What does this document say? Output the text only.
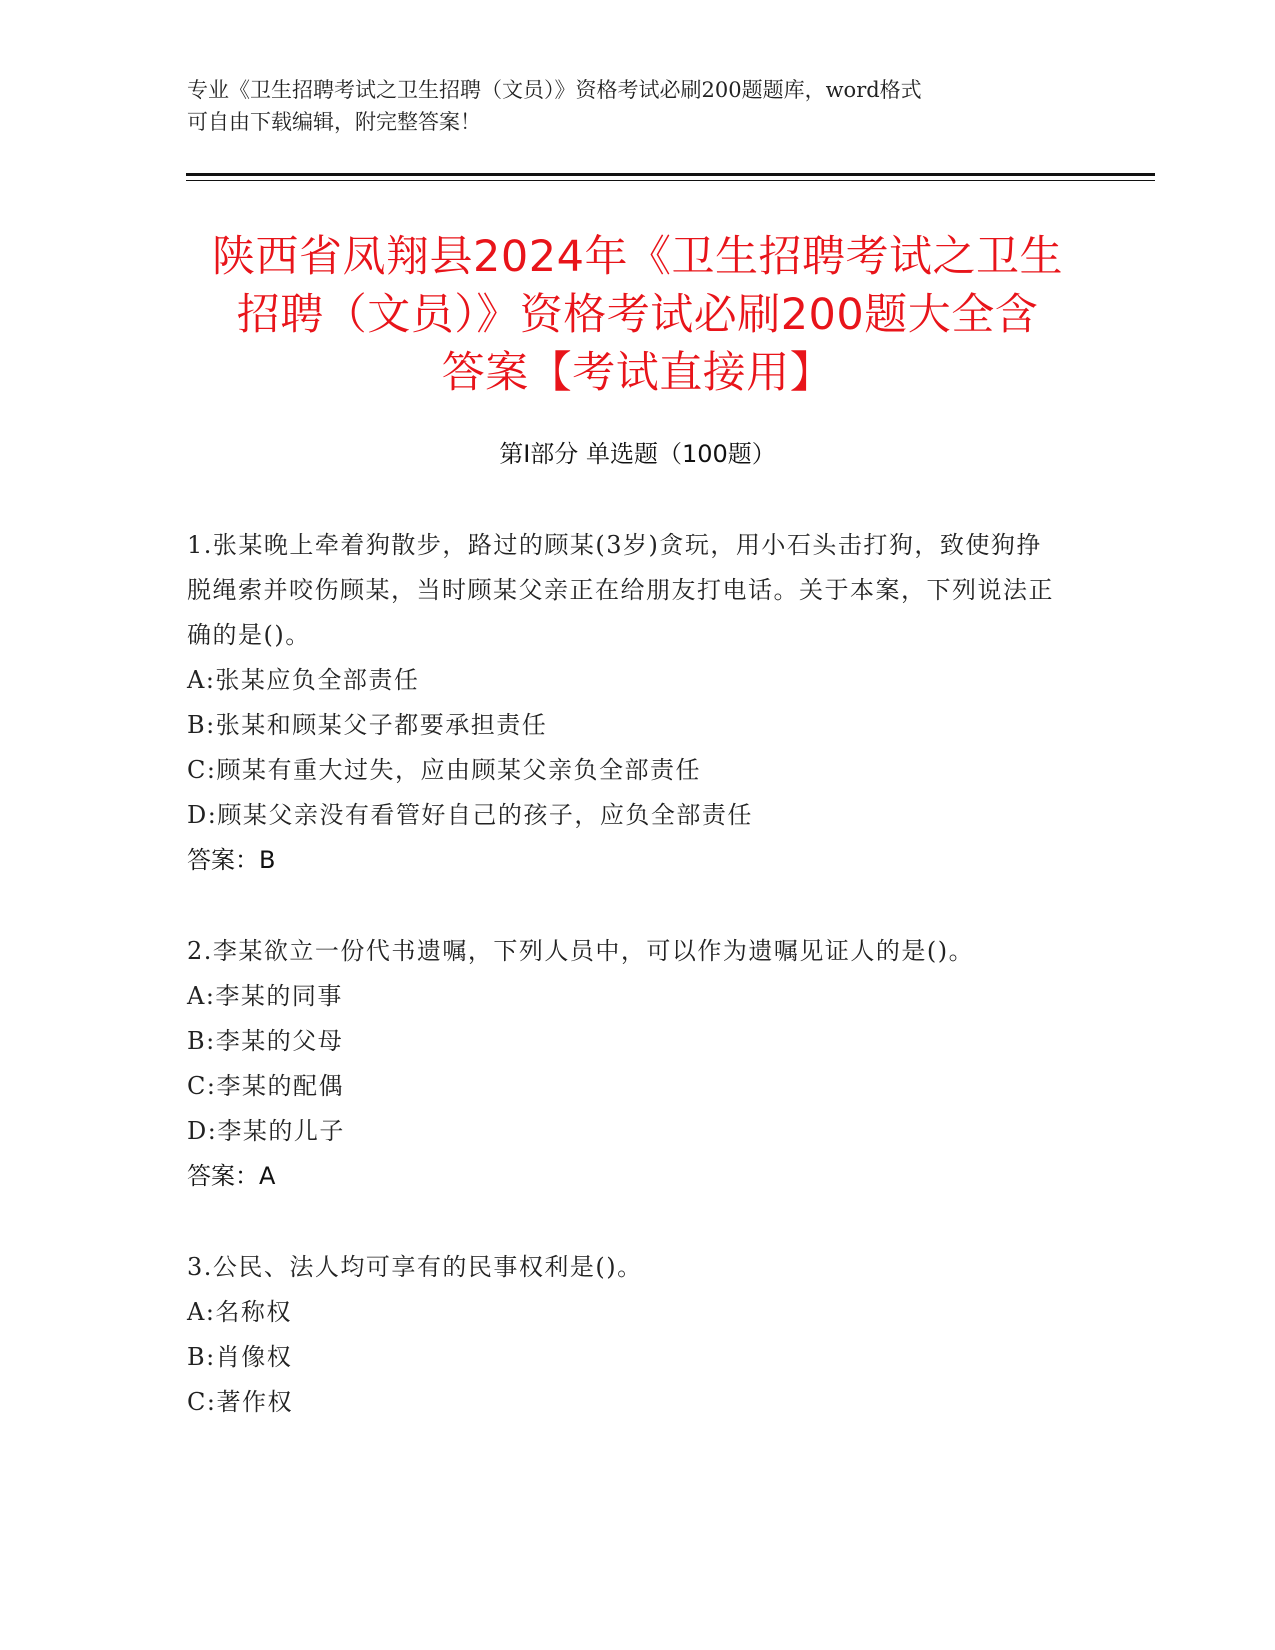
专业《卫生招聘考试之卫生招聘（文员）》资格考试必刷200题题库，word格式

可自由下载编辑，附完整答案！

陕西省凤翔县2024年《卫生招聘考试之卫生
招聘（文员）》资格考试必刷200题大全含
答案【考试直接用】
第I部分 单选题（100题）

1.张某晚上牵着狗散步，路过的顾某(3岁)贪玩，用小石头击打狗，致使狗挣脱绳索并咬伤顾某，当时顾某父亲正在给朋友打电话。关于本案，下列说法正确的是()。

A:张某应负全部责任

B:张某和顾某父子都要承担责任

C:顾某有重大过失，应由顾某父亲负全部责任

D:顾某父亲没有看管好自己的孩子，应负全部责任

答案：B

2.李某欲立一份代书遗嘱，下列人员中，可以作为遗嘱见证人的是()。

A:李某的同事

B:李某的父母

C:李某的配偶

D:李某的儿子

答案：A

3.公民、法人均可享有的民事权利是()。

A:名称权

B:肖像权

C:著作权
